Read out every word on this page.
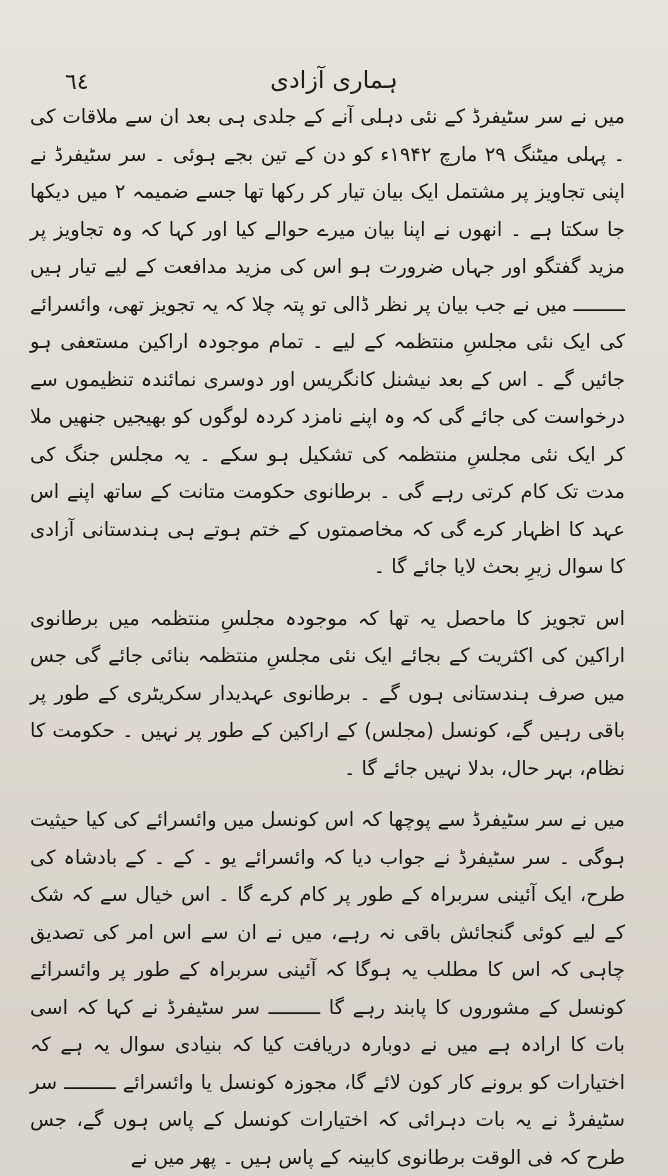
٦٤	ہماری آزادی

میں نے سر سٹیفرڈ کے نئی دہلی آنے کے جلدی ہی بعد ان سے ملاقات کی ۔ پہلی میٹنگ ۲۹ مارچ ۱۹۴۲ء کو دن کے تین بجے ہوئی ۔ سر سٹیفرڈ نے اپنی تجاویز پر مشتمل ایک بیان تیار کر رکھا تھا جسے ضمیمہ ۲ میں دیکھا جا سکتا ہے ۔ انھوں نے اپنا بیان میرے حوالے کیا اور کہا کہ وہ تجاویز پر مزید گفتگو اور جہاں ضرورت ہو اس کی مزید مدافعت کے لیے تیار ہیں ـــــــــ میں نے جب بیان پر نظر ڈالی تو پتہ چلا کہ یہ تجویز تھی، وائسرائے کی ایک نئی مجلسِ منتظمہ کے لیے ۔ تمام موجودہ اراکین مستعفی ہو جائیں گے ۔ اس کے بعد نیشنل کانگریس اور دوسری نمائندہ تنظیموں سے درخواست کی جائے گی کہ وہ اپنے نامزد کردہ لوگوں کو بھیجیں جنھیں ملا کر ایک نئی مجلسِ منتظمہ کی تشکیل ہو سکے ۔ یہ مجلس جنگ کی مدت تک کام کرتی رہے گی ۔ برطانوی حکومت متانت کے ساتھ اپنے اس عہد کا اظہار کرے گی کہ مخاصمتوں کے ختم ہوتے ہی ہندستانی آزادی کا سوال زیرِ بحث لایا جائے گا ۔

اس تجویز کا ماحصل یہ تھا کہ موجودہ مجلسِ منتظمہ میں برطانوی اراکین کی اکثریت کے بجائے ایک نئی مجلسِ منتظمہ بنائی جائے گی جس میں صرف ہندستانی ہوں گے ۔ برطانوی عہدیدار سکریٹری کے طور پر باقی رہیں گے، کونسل (مجلس) کے اراکین کے طور پر نہیں ۔ حکومت کا نظام، بہر حال، بدلا نہیں جائے گا ۔

میں نے سر سٹیفرڈ سے پوچھا کہ اس کونسل میں وائسرائے کی کیا حیثیت ہوگی ۔ سر سٹیفرڈ نے جواب دیا کہ وائسرائے یو ۔ کے ۔ کے بادشاہ کی طرح، ایک آئینی سربراہ کے طور پر کام کرے گا ۔ اس خیال سے کہ شک کے لیے کوئی گنجائش باقی نہ رہے، میں نے ان سے اس امر کی تصدیق چاہی کہ اس کا مطلب یہ ہوگا کہ آئینی سربراہ کے طور پر وائسرائے کونسل کے مشوروں کا پابند رہے گا ـــــــــ سر سٹیفرڈ نے کہا کہ اسی بات کا ارادہ ہے میں نے دوبارہ دریافت کیا کہ بنیادی سوال یہ ہے کہ اختیارات کو برونے کار کون لائے گا، مجوزہ کونسل یا وائسرائے ـــــــــ سر سٹیفرڈ نے یہ بات دہرائی کہ اختیارات کونسل کے پاس ہوں گے، جس طرح کہ فی الوقت برطانوی کابینہ کے پاس ہیں ۔ پھر میں نے
